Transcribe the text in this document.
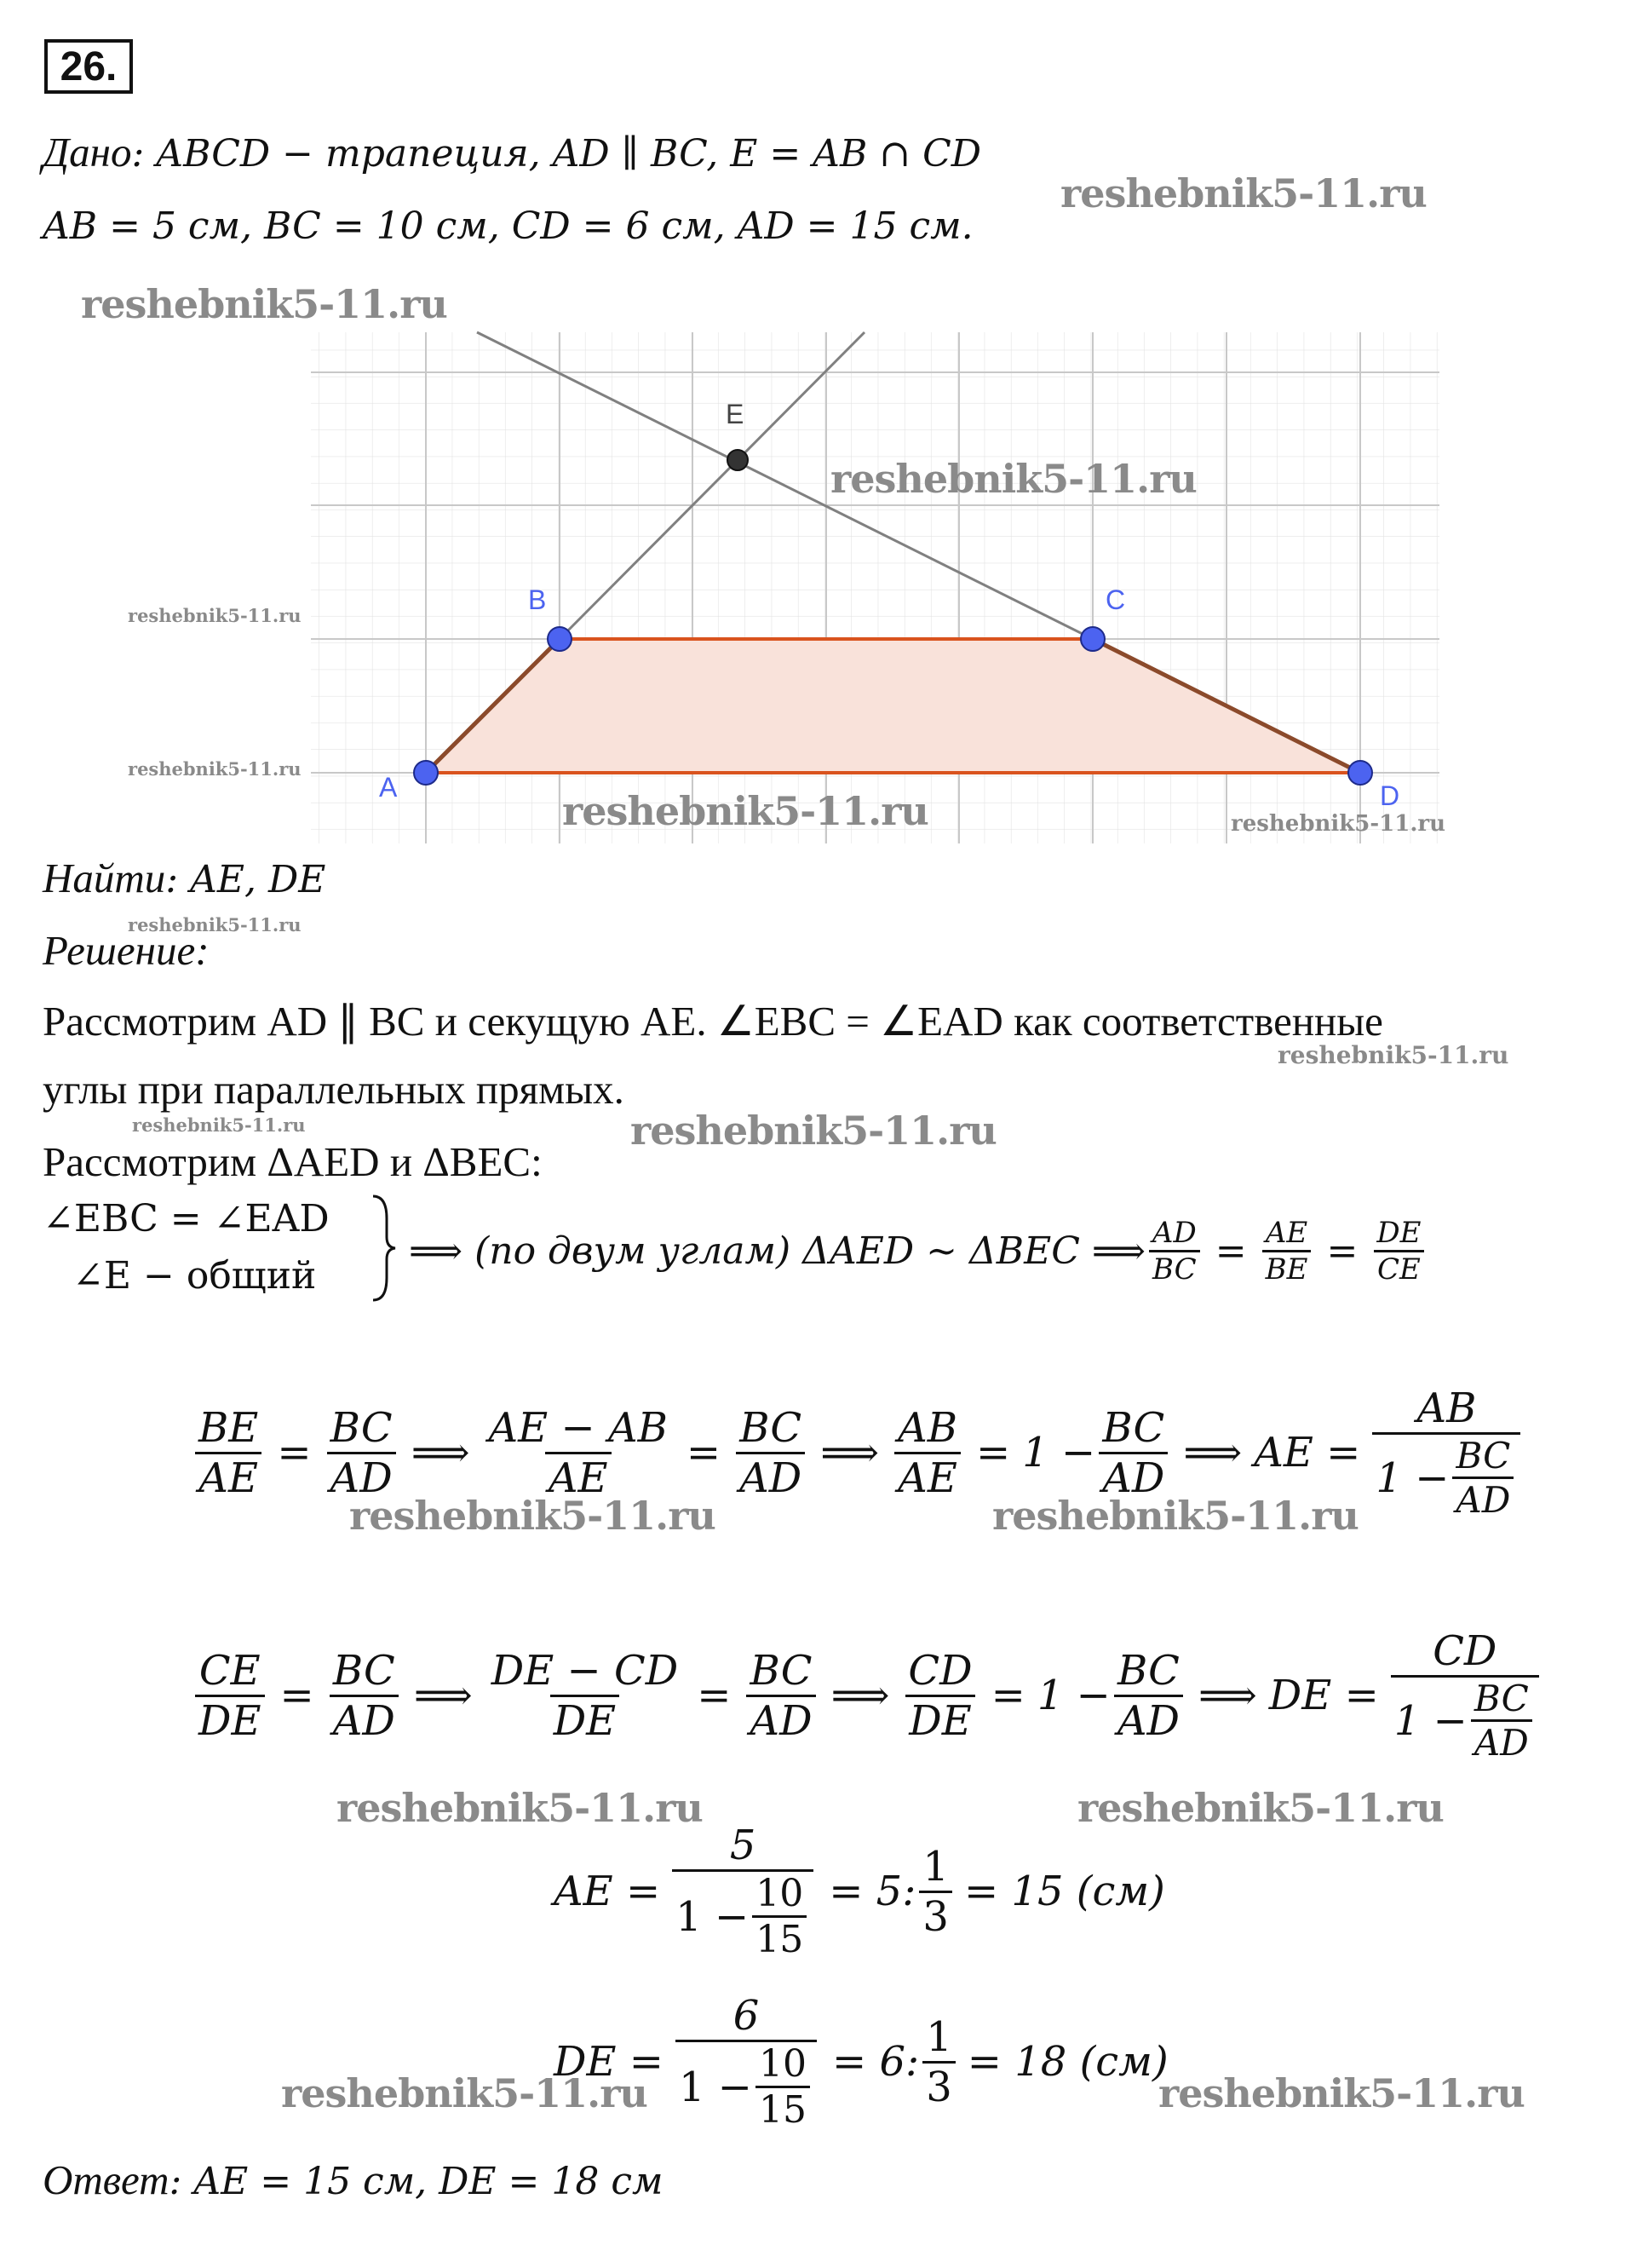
26.
Дано: ABCD − трапеция, AD ∥ BC, E = AB ∩ CD
AB = 5 см, BC = 10 см, CD = 6 см, AD = 15 см.
A
B	C
D
E
Найти: AE, DE
Решение:
Рассмотрим AD ∥ BC и секущую AE. ∠EBC = ∠EAD как соответственные
углы при параллельных прямых.
Рассмотрим ΔAED и ΔBEC:
∠EBC = ∠EAD
∠E − общий
⟹ (по двум углам) ΔAED ~ ΔBEC ⟹ $\frac{AD}{BC} = \frac{AE}{BE} = \frac{DE}{CE}$
$\frac{BE}{AE} = \frac{BC}{AD}$ ⟹ $\frac{AE - AB}{AE} = \frac{BC}{AD}$ ⟹ $\frac{AB}{AE} = 1 - \frac{BC}{AD}$ ⟹ AE = $\frac{AB}{1 - \frac{BC}{AD}}$
$\frac{CE}{DE} = \frac{BC}{AD}$ ⟹ $\frac{DE - CD}{DE} = \frac{BC}{AD}$ ⟹ $\frac{CD}{DE} = 1 - \frac{BC}{AD}$ ⟹ DE = $\frac{CD}{1 - \frac{BC}{AD}}$
AE = $\frac{5}{1 - \frac{10}{15}} = 5$: $\frac{1}{3} = 15$ (см)
DE = $\frac{6}{1 - \frac{10}{15}} = 6$: $\frac{1}{3} = 18$ (см)
Ответ: AE = 15 см, DE = 18 см
reshebnik5-11.ru
reshebnik5-11.ru
reshebnik5-11.ru
reshebnik5-11.ru
reshebnik5-11.ru
reshebnik5-11.ru	reshebnik5-11.ru
reshebnik5-11.ru
reshebnik5-11.ru
reshebnik5-11.ru	reshebnik5-11.ru
reshebnik5-11.ru	reshebnik5-11.ru
reshebnik5-11.ru	reshebnik5-11.ru
reshebnik5-11.ru	reshebnik5-11.ru
